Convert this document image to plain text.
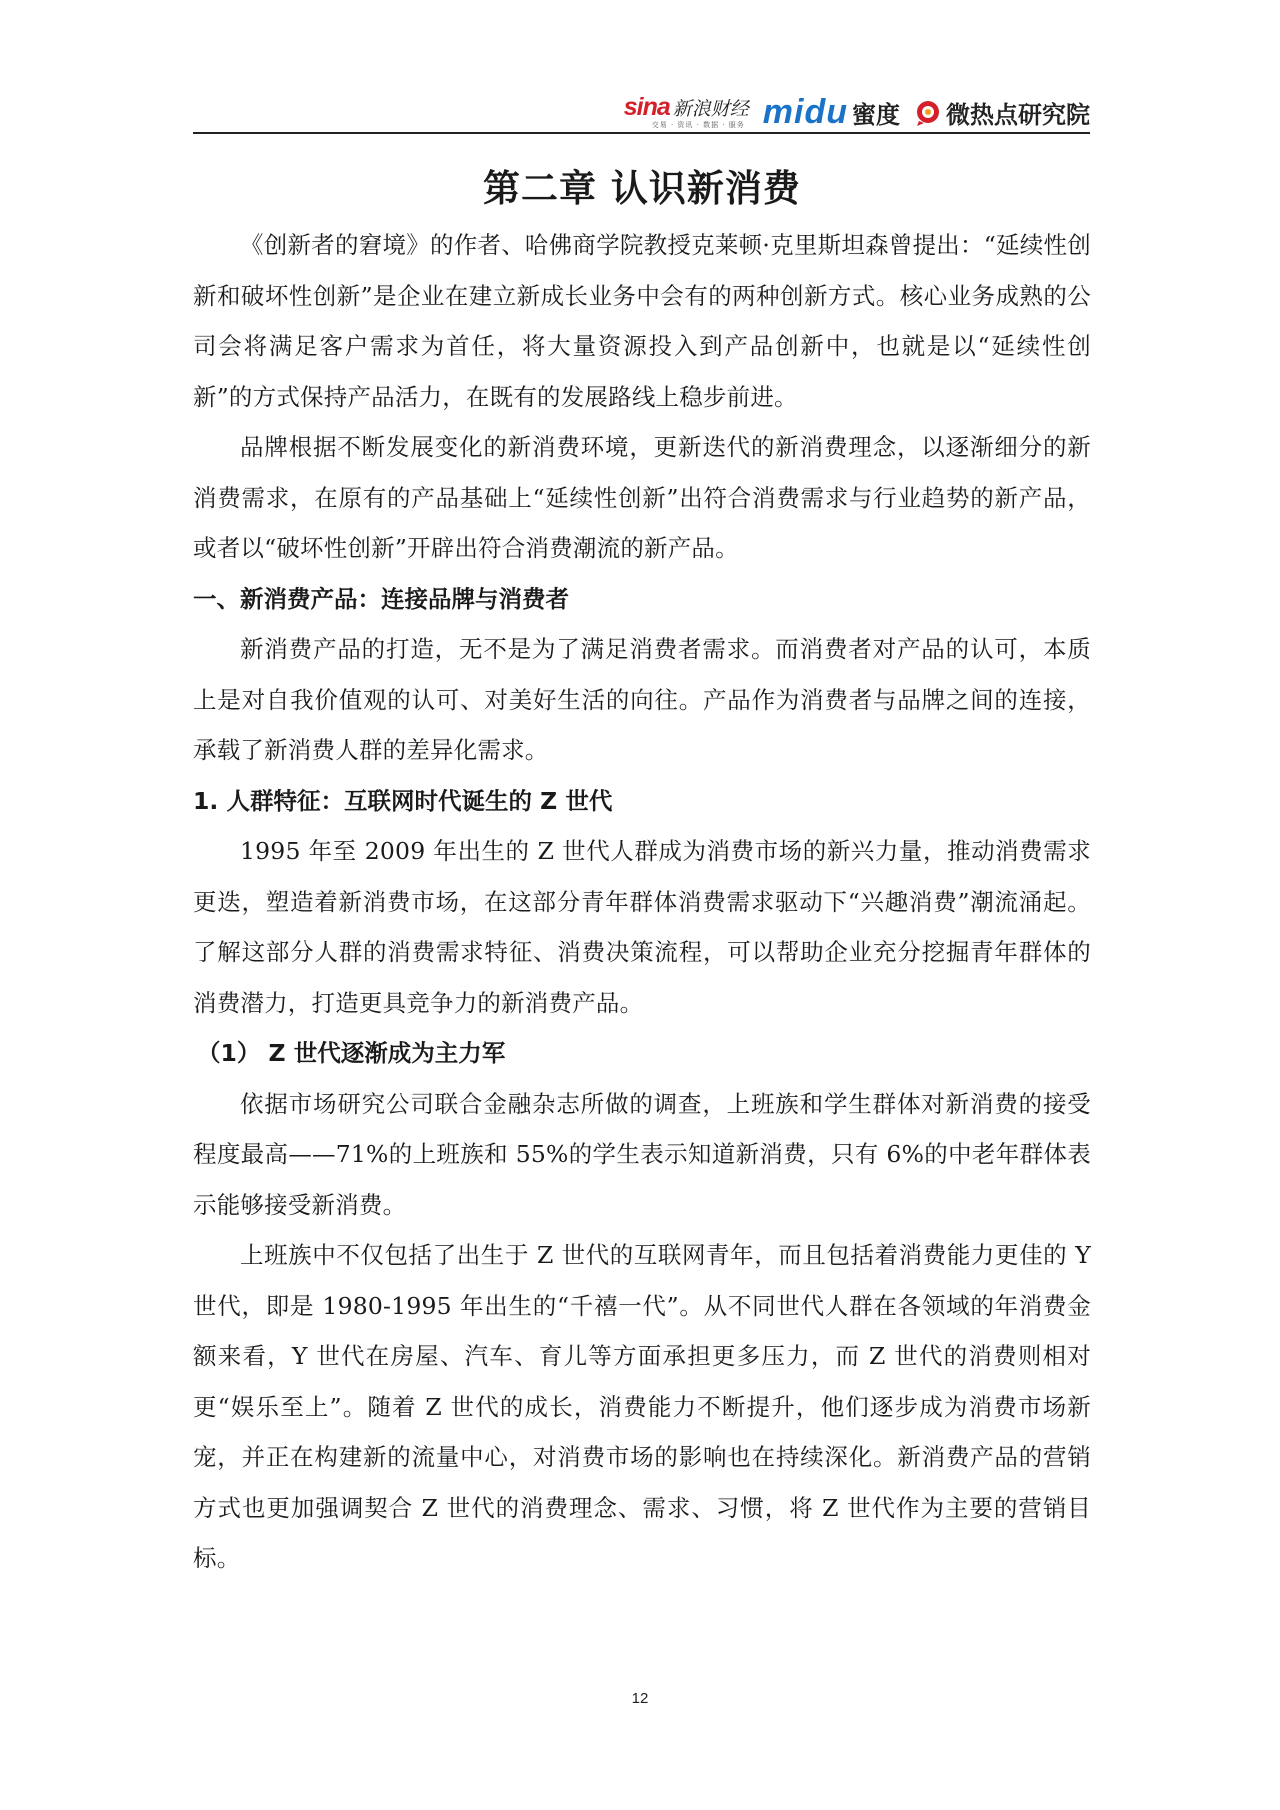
sina 新浪财经
交易 · 资讯 · 数据 · 服务 midu 蜜度 微热点研究院
第二章 认识新消费

《创新者的窘境》的作者、哈佛商学院教授克莱顿·克里斯坦森曾提出：“延续性创新和破坏性创新”是企业在建立新成长业务中会有的两种创新方式。核心业务成熟的公司会将满足客户需求为首任，将大量资源投入到产品创新中，也就是以“延续性创新”的方式保持产品活力，在既有的发展路线上稳步前进。

品牌根据不断发展变化的新消费环境，更新迭代的新消费理念，以逐渐细分的新消费需求，在原有的产品基础上“延续性创新”出符合消费需求与行业趋势的新产品，或者以“破坏性创新”开辟出符合消费潮流的新产品。

一、新消费产品：连接品牌与消费者

新消费产品的打造，无不是为了满足消费者需求。而消费者对产品的认可，本质上是对自我价值观的认可、对美好生活的向往。产品作为消费者与品牌之间的连接，承载了新消费人群的差异化需求。

1. 人群特征：互联网时代诞生的 Z 世代

1995 年至 2009 年出生的 Z 世代人群成为消费市场的新兴力量，推动消费需求更迭，塑造着新消费市场，在这部分青年群体消费需求驱动下“兴趣消费”潮流涌起。了解这部分人群的消费需求特征、消费决策流程，可以帮助企业充分挖掘青年群体的消费潜力，打造更具竞争力的新消费产品。

（1） Z 世代逐渐成为主力军

依据市场研究公司联合金融杂志所做的调查，上班族和学生群体对新消费的接受程度最高——71%的上班族和 55%的学生表示知道新消费，只有 6%的中老年群体表示能够接受新消费。

上班族中不仅包括了出生于 Z 世代的互联网青年，而且包括着消费能力更佳的 Y 世代，即是 1980-1995 年出生的“千禧一代”。从不同世代人群在各领域的年消费金额来看，Y 世代在房屋、汽车、育儿等方面承担更多压力，而 Z 世代的消费则相对更“娱乐至上”。随着 Z 世代的成长，消费能力不断提升，他们逐步成为消费市场新宠，并正在构建新的流量中心，对消费市场的影响也在持续深化。新消费产品的营销方式也更加强调契合 Z 世代的消费理念、需求、习惯，将 Z 世代作为主要的营销目标。

12
